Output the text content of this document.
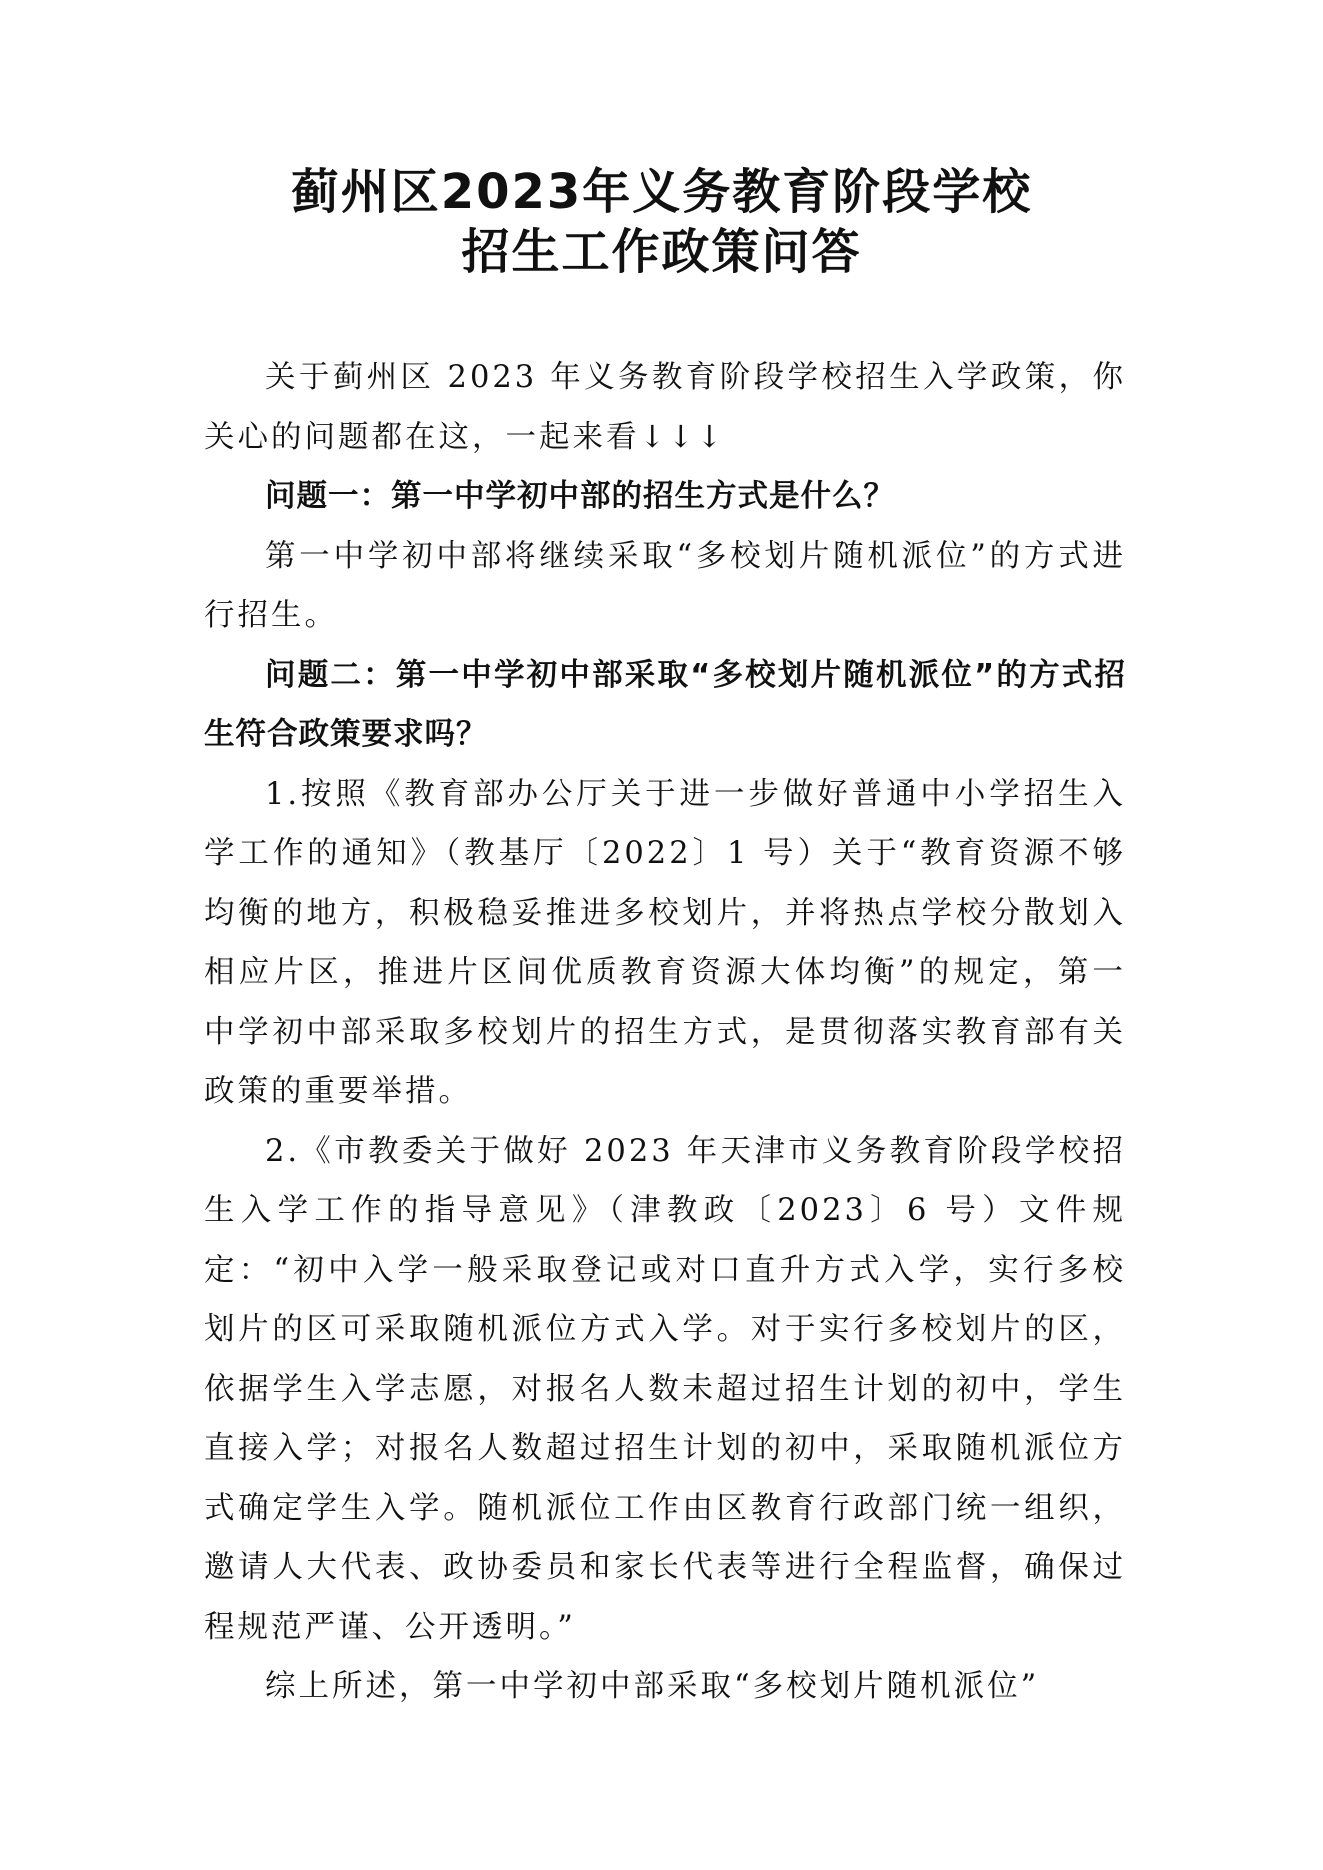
蓟州区2023年义务教育阶段学校
招生工作政策问答

关于蓟州区 2023 年义务教育阶段学校招生入学政策，你关心的问题都在这，一起来看↓↓↓

问题一：第一中学初中部的招生方式是什么？

第一中学初中部将继续采取“多校划片随机派位”的方式进行招生。

问题二：第一中学初中部采取“多校划片随机派位”的方式招生符合政策要求吗？

1.按照《教育部办公厅关于进一步做好普通中小学招生入学工作的通知》（教基厅〔2022〕1 号）关于“教育资源不够均衡的地方，积极稳妥推进多校划片，并将热点学校分散划入相应片区，推进片区间优质教育资源大体均衡”的规定，第一中学初中部采取多校划片的招生方式，是贯彻落实教育部有关政策的重要举措。

2.《市教委关于做好 2023 年天津市义务教育阶段学校招生入学工作的指导意见》（津教政〔2023〕6 号）文件规定：“初中入学一般采取登记或对口直升方式入学，实行多校划片的区可采取随机派位方式入学。对于实行多校划片的区，依据学生入学志愿，对报名人数未超过招生计划的初中，学生直接入学；对报名人数超过招生计划的初中，采取随机派位方式确定学生入学。随机派位工作由区教育行政部门统一组织，邀请人大代表、政协委员和家长代表等进行全程监督，确保过程规范严谨、公开透明。”

综上所述，第一中学初中部采取“多校划片随机派位”
